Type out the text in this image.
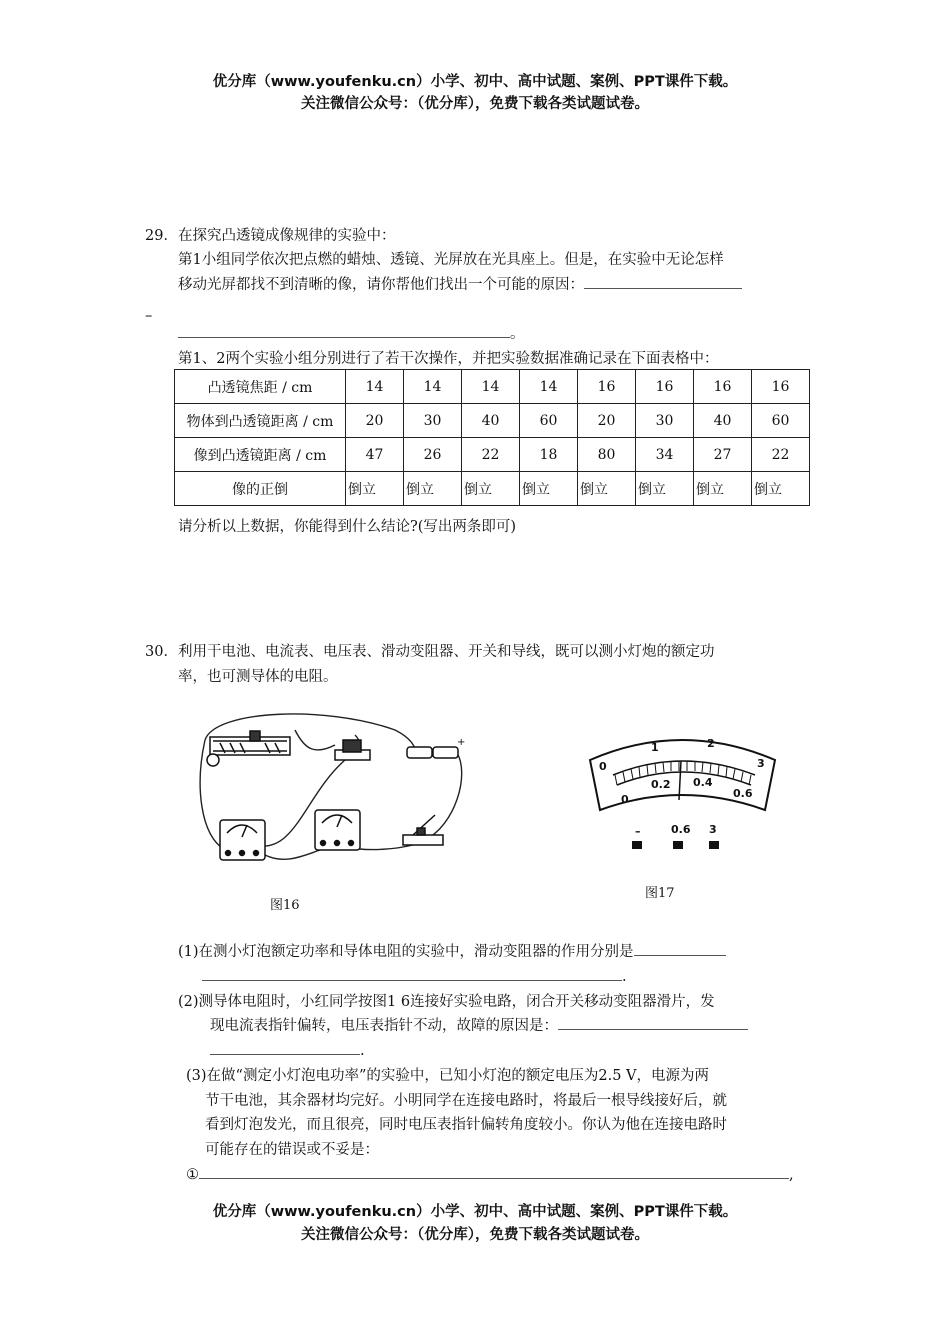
优分库（www.youfenku.cn）小学、初中、高中试题、案例、PPT课件下载。
关注微信公众号：（优分库），免费下载各类试题试卷。
29． 在探究凸透镜成像规律的实验中：
第1小组同学依次把点燃的蜡烛、透镜、光屏放在光具座上。但是，在实验中无论怎样
移动光屏都找不到清晰的像，请你帮他们找出一个可能的原因：
–
。
第1、2两个实验小组分别进行了若干次操作，并把实验数据准确记录在下面表格中：
凸透镜焦距 / cm	14	14	14	14	16	16	16	16
物体到凸透镜距离 / cm	20	30	40	60	20	30	40	60
像到凸透镜距离 / cm	47	26	22	18	80	34	27	22
像的正倒	倒立	倒立	倒立	倒立	倒立	倒立	倒立	倒立
请分析以上数据，你能得到什么结论?(写出两条即可)
30． 利用干电池、电流表、电压表、滑动变阻器、开关和导线，既可以测小灯炮的额定功
率，也可测导体的电阻。
+
图16
0
1	2
3
0
0.2 0.4
0.6
–	0.6 3
图17
(1)在测小灯泡额定功率和导体电阻的实验中，滑动变阻器的作用分别是
.
(2)测导体电阻时，小红同学按图1 6连接好实验电路，闭合开关移动变阻器滑片，发
现电流表指针偏转，电压表指针不动，故障的原因是：
.
(3)在做“测定小灯泡电功率”的实验中，已知小灯泡的额定电压为2.5 V，电源为两
节干电池，其余器材均完好。小明同学在连接电路时，将最后一根导线接好后，就
看到灯泡发光，而且很亮，同时电压表指针偏转角度较小。你认为他在连接电路时
可能存在的错误或不妥是：
①	,
优分库（www.youfenku.cn）小学、初中、高中试题、案例、PPT课件下载。
关注微信公众号：（优分库），免费下载各类试题试卷。
